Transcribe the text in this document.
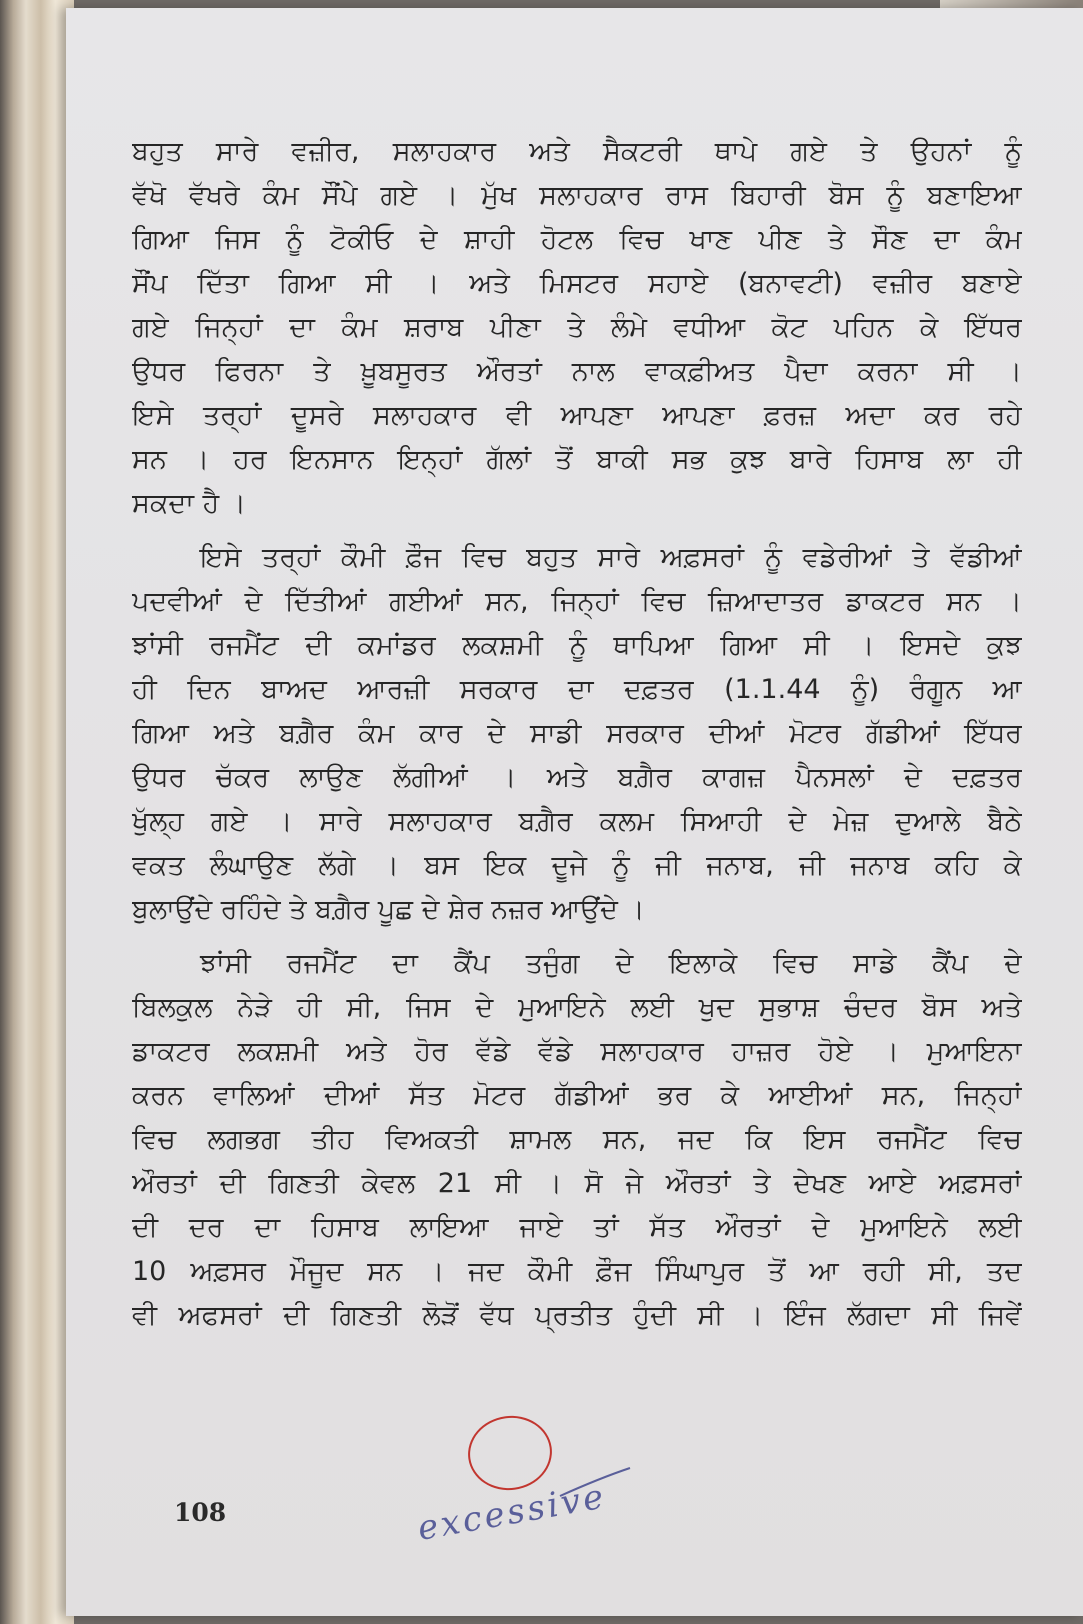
ਬਹੁਤ ਸਾਰੇ ਵਜ਼ੀਰ, ਸਲਾਹਕਾਰ ਅਤੇ ਸੈਕਟਰੀ ਥਾਪੇ ਗਏ ਤੇ ਉਹਨਾਂ ਨੂੰ
ਵੱਖੋ ਵੱਖਰੇ ਕੰਮ ਸੌਂਪੇ ਗਏ । ਮੁੱਖ ਸਲਾਹਕਾਰ ਰਾਸ ਬਿਹਾਰੀ ਬੋਸ ਨੂੰ ਬਣਾਇਆ
ਗਿਆ ਜਿਸ ਨੂੰ ਟੋਕੀਓ ਦੇ ਸ਼ਾਹੀ ਹੋਟਲ ਵਿਚ ਖਾਣ ਪੀਣ ਤੇ ਸੌਣ ਦਾ ਕੰਮ
ਸੌਂਪ ਦਿੱਤਾ ਗਿਆ ਸੀ । ਅਤੇ ਮਿਸਟਰ ਸਹਾਏ (ਬਨਾਵਟੀ) ਵਜ਼ੀਰ ਬਣਾਏ
ਗਏ ਜਿਨ੍ਹਾਂ ਦਾ ਕੰਮ ਸ਼ਰਾਬ ਪੀਣਾ ਤੇ ਲੰਮੇ ਵਧੀਆ ਕੋਟ ਪਹਿਨ ਕੇ ਇੱਧਰ
ਉਧਰ ਫਿਰਨਾ ਤੇ ਖ਼ੂਬਸੂਰਤ ਔਰਤਾਂ ਨਾਲ ਵਾਕਫ਼ੀਅਤ ਪੈਦਾ ਕਰਨਾ ਸੀ ।
ਇਸੇ ਤਰ੍ਹਾਂ ਦੂਸਰੇ ਸਲਾਹਕਾਰ ਵੀ ਆਪਣਾ ਆਪਣਾ ਫ਼ਰਜ਼ ਅਦਾ ਕਰ ਰਹੇ
ਸਨ । ਹਰ ਇਨਸਾਨ ਇਨ੍ਹਾਂ ਗੱਲਾਂ ਤੋਂ ਬਾਕੀ ਸਭ ਕੁਝ ਬਾਰੇ ਹਿਸਾਬ ਲਾ ਹੀ
ਸਕਦਾ ਹੈ ।
ਇਸੇ ਤਰ੍ਹਾਂ ਕੌਮੀ ਫ਼ੌਜ ਵਿਚ ਬਹੁਤ ਸਾਰੇ ਅਫ਼ਸਰਾਂ ਨੂੰ ਵਡੇਰੀਆਂ ਤੇ ਵੱਡੀਆਂ
ਪਦਵੀਆਂ ਦੇ ਦਿੱਤੀਆਂ ਗਈਆਂ ਸਨ, ਜਿਨ੍ਹਾਂ ਵਿਚ ਜ਼ਿਆਦਾਤਰ ਡਾਕਟਰ ਸਨ ।
ਝਾਂਸੀ ਰਜਮੈਂਟ ਦੀ ਕਮਾਂਡਰ ਲਕਸ਼ਮੀ ਨੂੰ ਥਾਪਿਆ ਗਿਆ ਸੀ । ਇਸਦੇ ਕੁਝ
ਹੀ ਦਿਨ ਬਾਅਦ ਆਰਜ਼ੀ ਸਰਕਾਰ ਦਾ ਦਫ਼ਤਰ (1.1.44 ਨੂੰ) ਰੰਗੂਨ ਆ
ਗਿਆ ਅਤੇ ਬਗ਼ੈਰ ਕੰਮ ਕਾਰ ਦੇ ਸਾਡੀ ਸਰਕਾਰ ਦੀਆਂ ਮੋਟਰ ਗੱਡੀਆਂ ਇੱਧਰ
ਉਧਰ ਚੱਕਰ ਲਾਉਣ ਲੱਗੀਆਂ । ਅਤੇ ਬਗ਼ੈਰ ਕਾਗਜ਼ ਪੈਨਸਲਾਂ ਦੇ ਦਫ਼ਤਰ
ਖੁੱਲ੍ਹ ਗਏ । ਸਾਰੇ ਸਲਾਹਕਾਰ ਬਗ਼ੈਰ ਕਲਮ ਸਿਆਹੀ ਦੇ ਮੇਜ਼ ਦੁਆਲੇ ਬੈਠੇ
ਵਕਤ ਲੰਘਾਉਣ ਲੱਗੇ । ਬਸ ਇਕ ਦੂਜੇ ਨੂੰ ਜੀ ਜਨਾਬ, ਜੀ ਜਨਾਬ ਕਹਿ ਕੇ
ਬੁਲਾਉਂਦੇ ਰਹਿੰਦੇ ਤੇ ਬਗ਼ੈਰ ਪੂਛ ਦੇ ਸ਼ੇਰ ਨਜ਼ਰ ਆਉਂਦੇ ।
ਝਾਂਸੀ ਰਜਮੈਂਟ ਦਾ ਕੈਂਪ ਤਜੁੰਗ ਦੇ ਇਲਾਕੇ ਵਿਚ ਸਾਡੇ ਕੈਂਪ ਦੇ
ਬਿਲਕੁਲ ਨੇੜੇ ਹੀ ਸੀ, ਜਿਸ ਦੇ ਮੁਆਇਨੇ ਲਈ ਖੁਦ ਸੁਭਾਸ਼ ਚੰਦਰ ਬੋਸ ਅਤੇ
ਡਾਕਟਰ ਲਕਸ਼ਮੀ ਅਤੇ ਹੋਰ ਵੱਡੇ ਵੱਡੇ ਸਲਾਹਕਾਰ ਹਾਜ਼ਰ ਹੋਏ । ਮੁਆਇਨਾ
ਕਰਨ ਵਾਲਿਆਂ ਦੀਆਂ ਸੱਤ ਮੋਟਰ ਗੱਡੀਆਂ ਭਰ ਕੇ ਆਈਆਂ ਸਨ, ਜਿਨ੍ਹਾਂ
ਵਿਚ ਲਗਭਗ ਤੀਹ ਵਿਅਕਤੀ ਸ਼ਾਮਲ ਸਨ, ਜਦ ਕਿ ਇਸ ਰਜਮੈਂਟ ਵਿਚ
ਔਰਤਾਂ ਦੀ ਗਿਣਤੀ ਕੇਵਲ 21 ਸੀ । ਸੋ ਜੇ ਔਰਤਾਂ ਤੇ ਦੇਖਣ ਆਏ ਅਫ਼ਸਰਾਂ
ਦੀ ਦਰ ਦਾ ਹਿਸਾਬ ਲਾਇਆ ਜਾਏ ਤਾਂ ਸੱਤ ਔਰਤਾਂ ਦੇ ਮੁਆਇਨੇ ਲਈ
10 ਅਫ਼ਸਰ ਮੌਜੂਦ ਸਨ । ਜਦ ਕੌਮੀ ਫ਼ੌਜ ਸਿੰਘਾਪੁਰ ਤੋਂ ਆ ਰਹੀ ਸੀ, ਤਦ
ਵੀ ਅਫਸਰਾਂ ਦੀ ਗਿਣਤੀ ਲੋੜੋਂ ਵੱਧ ਪ੍ਰਤੀਤ ਹੁੰਦੀ ਸੀ । ਇੰਜ ਲੱਗਦਾ ਸੀ ਜਿਵੇਂ
108	excessive
